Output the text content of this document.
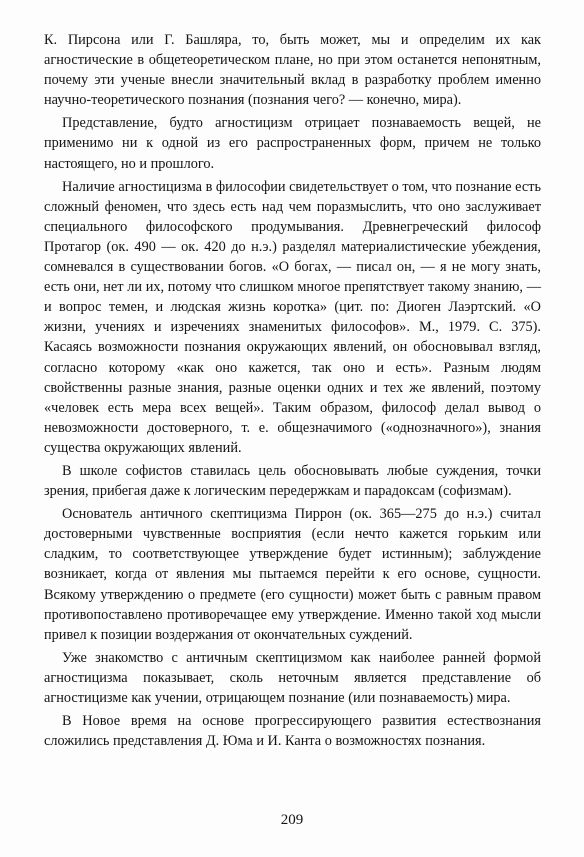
К. Пирсона или Г. Башляра, то, быть может, мы и определим их как агностические в общетеоретическом плане, но при этом останется непонятным, почему эти ученые внесли значительный вклад в разработку проблем именно научно-теоретического познания (познания чего? — конечно, мира).

Представление, будто агностицизм отрицает познаваемость вещей, не применимо ни к одной из его распространенных форм, причем не только настоящего, но и прошлого.

Наличие агностицизма в философии свидетельствует о том, что познание есть сложный феномен, что здесь есть над чем поразмыслить, что оно заслуживает специального философского продумывания. Древнегреческий философ Протагор (ок. 490 — ок. 420 до н.э.) разделял материалистические убеждения, сомневался в существовании богов. «О богах, — писал он, — я не могу знать, есть они, нет ли их, потому что слишком многое препятствует такому знанию, — и вопрос темен, и людская жизнь коротка» (цит. по: Диоген Лаэртский. «О жизни, учениях и изречениях знаменитых философов». М., 1979. С. 375). Касаясь возможности познания окружающих явлений, он обосновывал взгляд, согласно которому «как оно кажется, так оно и есть». Разным людям свойственны разные знания, разные оценки одних и тех же явлений, поэтому «человек есть мера всех вещей». Таким образом, философ делал вывод о невозможности достоверного, т. е. общезначимого («однозначного»), знания существа окружающих явлений.

В школе софистов ставилась цель обосновывать любые суждения, точки зрения, прибегая даже к логическим передержкам и парадоксам (софизмам).

Основатель античного скептицизма Пиррон (ок. 365—275 до н.э.) считал достоверными чувственные восприятия (если нечто кажется горьким или сладким, то соответствующее утверждение будет истинным); заблуждение возникает, когда от явления мы пытаемся перейти к его основе, сущности. Всякому утверждению о предмете (его сущности) может быть с равным правом противопоставлено противоречащее ему утверждение. Именно такой ход мысли привел к позиции воздержания от окончательных суждений.

Уже знакомство с античным скептицизмом как наиболее ранней формой агностицизма показывает, сколь неточным является представление об агностицизме как учении, отрицающем познание (или познаваемость) мира.

В Новое время на основе прогрессирующего развития естествознания сложились представления Д. Юма и И. Канта о возможностях познания.

209
